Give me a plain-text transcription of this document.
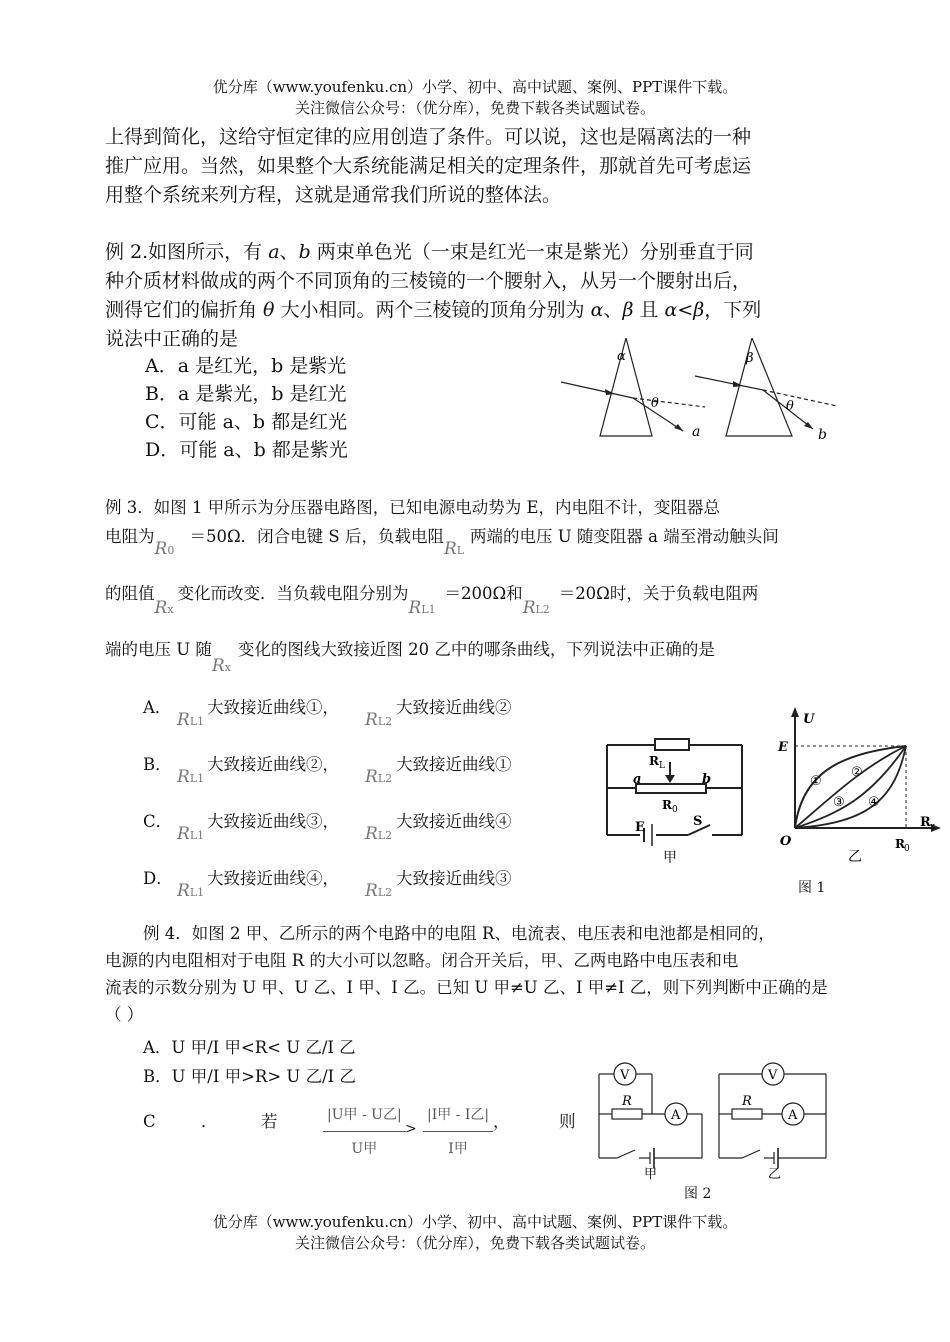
优分库（www.youfenku.cn）小学、初中、高中试题、案例、PPT课件下载。
关注微信公众号：（优分库），免费下载各类试题试卷。
上得到简化，这给守恒定律的应用创造了条件。可以说，这也是隔离法的一种
推广应用。当然，如果整个大系统能满足相关的定理条件，那就首先可考虑运
用整个系统来列方程，这就是通常我们所说的整体法。
例 2.如图所示，有 a、b 两束单色光（一束是红光一束是紫光）分别垂直于同
种介质材料做成的两个不同顶角的三棱镜的一个腰射入，从另一个腰射出后，
测得它们的偏折角 θ 大小相同。两个三棱镜的顶角分别为 α、β 且 α<β，下列
说法中正确的是
A．a 是红光，b 是紫光
B．a 是紫光，b 是红光
C．可能 a、b 都是红光
D．可能 a、b 都是紫光
α	β
θ	θ
a	b
例 3．如图 1 甲所示为分压器电路图，已知电源电动势为 E，内电阻不计，变阻器总
电阻为R0＝50Ω．闭合电键 S 后，负载电阻RL两端的电压 U 随变阻器 a 端至滑动触头间
的阻值Rx变化而改变．当负载电阻分别为RL1＝200Ω和RL2＝20Ω时，关于负载电阻两
端的电压 U 随Rx变化的图线大致接近图 20 乙中的哪条曲线，下列说法中正确的是
A．
RL1
大致接近曲线①，
RL2
大致接近曲线②
B．
RL1
大致接近曲线②，
RL2
大致接近曲线①
C．
RL1
大致接近曲线③，
RL2
大致接近曲线④
D．
RL1
大致接近曲线④，
RL2
大致接近曲线③
R L
a	b
R 0
E	S
甲
U
E
①
②
③ ④
R x
O
乙
R 0
图 1
例 4．如图 2 甲、乙所示的两个电路中的电阻 R、电流表、电压表和电池都是相同的，
电源的内电阻相对于电阻 R 的大小可以忽略。闭合开关后，甲、乙两电路中电压表和电
流表的示数分别为 U 甲、U 乙、I 甲、I 乙。已知 U 甲≠U 乙、I 甲≠I 乙，则下列判断中正确的是
（ ）
A．U 甲/I 甲<R< U 乙/I 乙
B．U 甲/I 甲>R> U 乙/I 乙
C	．	若	$\frac{\text{|U甲 - U乙|}}{\text{U甲}} > \frac{\text{|I甲 - I乙|}}{\text{I甲}}$ ，	则
V
A
R
甲
V
A
R
乙
图 2
优分库（www.youfenku.cn）小学、初中、高中试题、案例、PPT课件下载。
关注微信公众号：（优分库），免费下载各类试题试卷。
